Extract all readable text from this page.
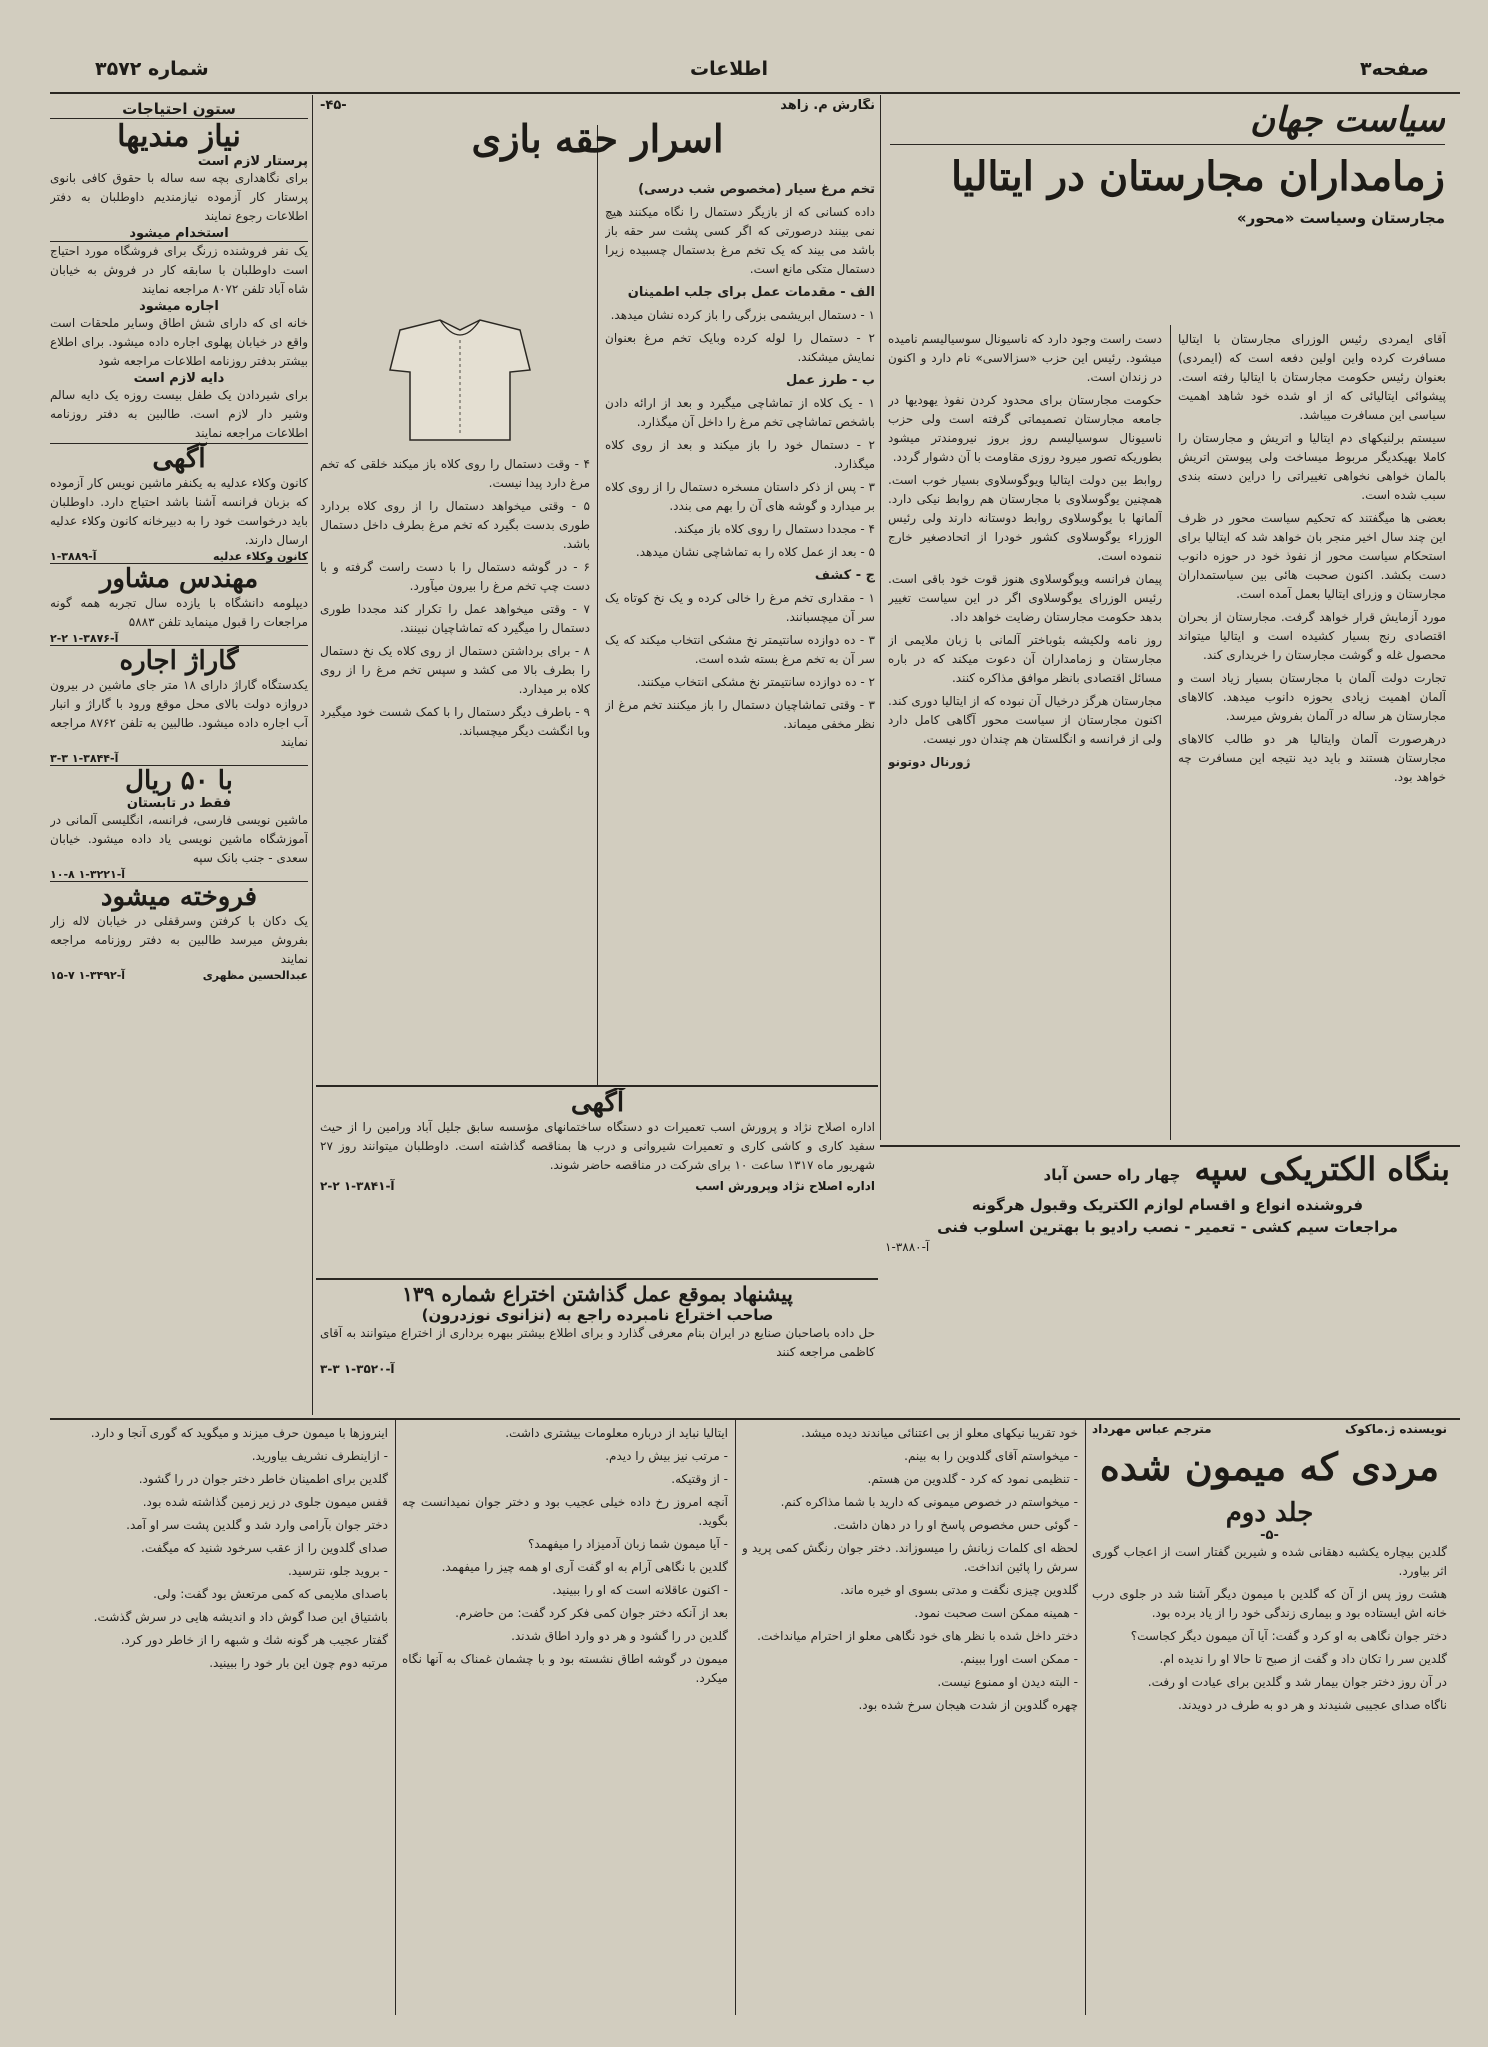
صفحه۳
اطلاعات
شماره ۳۵۷۲
سیاست جهان
زمامداران مجارستان در ایتالیا
مجارستان وسیاست «محور»

آقای ایمردی رئیس الوزرای مجارستان با ایتالیا مسافرت کرده واین اولین دفعه است که (ایمردی) بعنوان رئیس حکومت مجارستان با ایتالیا رفته است. پیشوائی ایتالیائی که از او شده خود شاهد اهمیت سیاسی این مسافرت میباشد.

سیستم برلنیکهای دم ایتالیا و اتریش و مجارستان را کاملا بهیکدیگر مربوط میساخت ولی پیوستن اتریش بالمان خواهی نخواهی تغییراتی را دراین دسته بندی سبب شده است.

بعضی ها میگفتند که تحکیم سیاست محور در ظرف این چند سال اخیر منجر بان خواهد شد که ایتالیا برای استحکام سیاست محور از نفوذ خود در حوزه دانوب دست بکشد. اکنون صحبت هائی بین سیاستمداران مجارستان و وزرای ایتالیا بعمل آمده است.

مورد آزمایش قرار خواهد گرفت. مجارستان از بحران اقتصادی رنج بسیار کشیده است و ایتالیا میتواند محصول غله و گوشت مجارستان را خریداری کند.

تجارت دولت آلمان با مجارستان بسیار زیاد است و آلمان اهمیت زیادی بحوزه دانوب میدهد. کالاهای مجارستان هر ساله در آلمان بفروش میرسد.

درهرصورت آلمان وایتالیا هر دو طالب کالاهای مجارستان هستند و باید دید نتیجه این مسافرت چه خواهد بود.

دست راست وجود دارد که ناسیونال سوسیالیسم نامیده میشود. رئیس این حزب «سزالاسی» نام دارد و اکنون در زندان است.

حکومت مجارستان برای محدود کردن نفوذ یهودیها در جامعه مجارستان تصمیماتی گرفته است ولی حزب ناسیونال سوسیالیسم روز بروز نیرومندتر میشود بطوریکه تصور میرود روزی مقاومت با آن دشوار گردد.

روابط بین دولت ایتالیا ویوگوسلاوی بسیار خوب است. همچنین یوگوسلاوی با مجارستان هم روابط نیکی دارد. آلمانها با یوگوسلاوی روابط دوستانه دارند ولی رئیس الوزراء یوگوسلاوی کشور خودرا از اتحادصغیر خارج ننموده است.

پیمان فرانسه ویوگوسلاوی هنوز قوت خود باقی است. رئیس الوزرای یوگوسلاوی اگر در این سیاست تغییر بدهد حکومت مجارستان رضایت خواهد داد.

روز نامه ولکیشه بئوباختر آلمانی با زبان ملایمی از مجارستان و زمامداران آن دعوت میکند که در باره مسائل اقتصادی بانظر موافق مذاکره کنند.

مجارستان هرگز درخیال آن نبوده که از ایتالیا دوری کند. اکنون مجارستان از سیاست محور آگاهی کامل دارد ولی از فرانسه و انگلستان هم چندان دور نیست.

ژورنال دوتونو

نگارش م. زاهد
-۴۵-
اسرار حقه بازی

تخم مرغ سیار (مخصوص شب درسی)

داده کسانی که از بازیگر دستمال را نگاه میکنند هیچ نمی بینند درصورتی که اگر کسی پشت سر حقه باز باشد می بیند که یک تخم مرغ بدستمال چسبیده زیرا دستمال متکی مانع است.

الف - مقدمات عمل برای جلب اطمینان

۱ - دستمال ابریشمی بزرگی را باز کرده نشان میدهد.

۲ - دستمال را لوله کرده وبایک تخم مرغ بعنوان نمایش میشکند.

ب - طرز عمل

۱ - یک کلاه از تماشاچی میگیرد و بعد از ارائه دادن باشخص تماشاچی تخم مرغ را داخل آن میگذارد.

۲ - دستمال خود را باز میکند و بعد از روی کلاه میگذارد.

۳ - پس از ذکر داستان مسخره دستمال را از روی کلاه بر میدارد و گوشه های آن را بهم می بندد.

۴ - مجددا دستمال را روی کلاه باز میکند.

۵ - بعد از عمل کلاه را به تماشاچی نشان میدهد.

ج - کشف

۱ - مقداری تخم مرغ را خالی کرده و یک نخ کوتاه یک سر آن میچسبانند.

۳ - ده دوازده سانتیمتر نخ مشکی انتخاب میکند که یک سر آن به تخم مرغ بسته شده است.

۲ - ده دوازده سانتیمتر نخ مشکی انتخاب میکنند.

۳ - وقتی تماشاچیان دستمال را باز میکنند تخم مرغ از نظر مخفی میماند.

۴ - وقت دستمال را روی کلاه باز میکند خلقی که تخم مرغ دارد پیدا نیست.

۵ - وقتی میخواهد دستمال را از روی کلاه بردارد طوری بدست بگیرد که تخم مرغ بطرف داخل دستمال باشد.

۶ - در گوشه دستمال را با دست راست گرفته و با دست چپ تخم مرغ را بیرون میآورد.

۷ - وقتی میخواهد عمل را تکرار کند مجددا طوری دستمال را میگیرد که تماشاچیان نبینند.

۸ - برای برداشتن دستمال از روی کلاه یک نخ دستمال را بطرف بالا می کشد و سپس تخم مرغ را از روی کلاه بر میدارد.

۹ - باطرف دیگر دستمال را با کمک شست خود میگیرد وبا انگشت دیگر میچسباند.

آگهی
اداره اصلاح نژاد و پرورش اسب تعمیرات دو دستگاه ساختمانهای مؤسسه سابق جلیل آباد ورامین را از حیث سفید کاری و کاشی کاری و تعمیرات شیروانی و درب ها بمناقصه گذاشته است. داوطلبان میتوانند روز ۲۷ شهریور ماه ۱۳۱۷ ساعت ۱۰ برای شرکت در مناقصه حاضر شوند.
اداره اصلاح نژاد وپرورش اسب
آ-۳۸۴۱-۱ ۲-۲
پیشنهاد بموقع عمل گذاشتن اختراع شماره ۱۳۹
صاحب اختراع نامبرده راجع به (نزانوی نوزدرون)
حل داده باصاحبان صنایع در ایران بنام معرفی گذارد و برای اطلاع بیشتر ببهره برداری از اختراع میتوانند به آقای کاظمی مراجعه کنند
آ-۳۵۲۰-۱ ۳-۳
بنگاه الکتریکی سپه
چهار راه حسن آباد
فروشنده انواع و اقسام لوازم الکتریک وقبول هرگونه
مراجعات سیم کشی - تعمیر - نصب رادیو با بهترین اسلوب فنی
آ-۳۸۸۰-۱
ستون احتیاجات
نیاز مندیها
پرستار لازم است
برای نگاهداری بچه سه ساله با حقوق کافی بانوی پرستار کار آزموده نیازمندیم داوطلبان به دفتر اطلاعات رجوع نمایند
استخدام میشود
یک نفر فروشنده زرنگ برای فروشگاه مورد احتیاج است داوطلبان با سابقه کار در فروش به خیابان شاه آباد تلفن ۸۰۷۲ مراجعه نمایند
اجاره میشود
خانه ای که دارای شش اطاق وسایر ملحقات است واقع در خیابان پهلوی اجاره داده میشود. برای اطلاع بیشتر بدفتر روزنامه اطلاعات مراجعه شود
دایه لازم است
برای شیردادن یک طفل بیست روزه یک دایه سالم وشیر دار لازم است. طالبین به دفتر روزنامه اطلاعات مراجعه نمایند
آگهی
کانون وکلاء عدلیه به یکنفر ماشین نویس کار آزموده که بزبان فرانسه آشنا باشد احتیاج دارد. داوطلبان باید درخواست خود را به دبیرخانه کانون وکلاء عدلیه ارسال دارند.
کانون وکلاء عدلیه
آ-۳۸۸۹-۱
مهندس مشاور
دیپلومه دانشگاه با یازده سال تجربه همه گونه مراجعات را قبول مینماید تلفن ۵۸۸۳
آ-۳۸۷۶-۱ ۲-۲
گاراژ اجاره
یکدستگاه گاراژ دارای ۱۸ متر جای ماشین در بیرون دروازه دولت بالای محل موقع ورود با گاراژ و انبار آب اجاره داده میشود. طالبین به تلفن ۸۷۶۲ مراجعه نمایند
آ-۳۸۴۴-۱ ۳-۳
با ۵۰ ریال
فقط در تابستان
ماشین نویسی فارسی، فرانسه، انگلیسی آلمانی در آموزشگاه ماشین نویسی یاد داده میشود. خیابان سعدی - جنب بانک سپه
آ-۳۲۲۱-۱ ۸-۱۰
فروخته میشود
یک دکان با کرفتن وسرقفلی در خیابان لاله زار بفروش میرسد طالبین به دفتر روزنامه مراجعه نمایند
عبدالحسین مظهری
آ-۳۴۹۲-۱ ۷-۱۵
نویسنده ژ.ماکوک
مترجم عباس مهرداد
مردی که میمون شده
جلد دوم
-۵-

گلدین بیچاره یکشبه دهقانی شده و شیرین گفتار است از اعجاب گوری اثر بیاورد.

هشت روز پس از آن که گلدین با میمون دیگر آشنا شد در جلوی درب خانه اش ایستاده بود و بیماری زندگی خود را از یاد برده بود.

دختر جوان نگاهی به او کرد و گفت: آیا آن میمون دیگر کجاست؟

گلدین سر را تکان داد و گفت از صبح تا حالا او را ندیده ام.

در آن روز دختر جوان بیمار شد و گلدین برای عیادت او رفت.

ناگاه صدای عجیبی شنیدند و هر دو به طرف در دویدند.

خود تقریبا نیکهای معلو از بی اعتنائی میاندند دیده میشد.

- میخواستم آقای گلدوین را به بینم.

- تنظیمی نمود که کرد - گلدوین من هستم.

- میخواستم در خصوص میمونی که دارید با شما مذاکره کنم.

- گوئی حس مخصوص پاسخ او را در دهان داشت.

لحظه ای کلمات زبانش را میسوزاند. دختر جوان رنگش کمی پرید و سرش را پائین انداخت.

گلدوین چیزی نگفت و مدتی بسوی او خیره ماند.

- همینه ممکن است صحبت نمود.

دختر داخل شده با نظر های خود نگاهی معلو از احترام میانداخت.

- ممکن است اورا ببینم.

- البته دیدن او ممنوع نیست.

چهره گلدوین از شدت هیجان سرخ شده بود.

ایتالیا نباید از درباره معلومات بیشتری داشت.

- مرتب نیز بیش را دیدم.

- از وقتیکه.

آنچه امروز رخ داده خیلی عجیب بود و دختر جوان نمیدانست چه بگوید.

- آیا میمون شما زبان آدمیزاد را میفهمد؟

گلدین با نگاهی آرام به او گفت آری او همه چیز را میفهمد.

- اکنون عاقلانه است که او را ببینید.

بعد از آنکه دختر جوان کمی فکر کرد گفت: من حاضرم.

گلدین در را گشود و هر دو وارد اطاق شدند.

میمون در گوشه اطاق نشسته بود و با چشمان غمناک به آنها نگاه میکرد.

اینروزها با میمون حرف میزند و میگوید که گوری آنجا و دارد.

- ازاینطرف نشریف بیاورید.

گلدین برای اطمینان خاطر دختر جوان در را گشود.

قفس میمون جلوی در زیر زمین گذاشته شده بود.

دختر جوان بآرامی وارد شد و گلدین پشت سر او آمد.

صدای گلدوین را از عقب سرخود شنید که میگفت.

- بروید جلو، نترسید.

باصدای ملایمی که کمی مرتعش بود گفت: ولی.

باشتیاق این صدا گوش داد و اندیشه هایی در سرش گذشت.

گفتار عجیب هر گونه شك و شبهه را از خاطر دور کرد.

مرتبه دوم چون این بار خود را ببینید.
